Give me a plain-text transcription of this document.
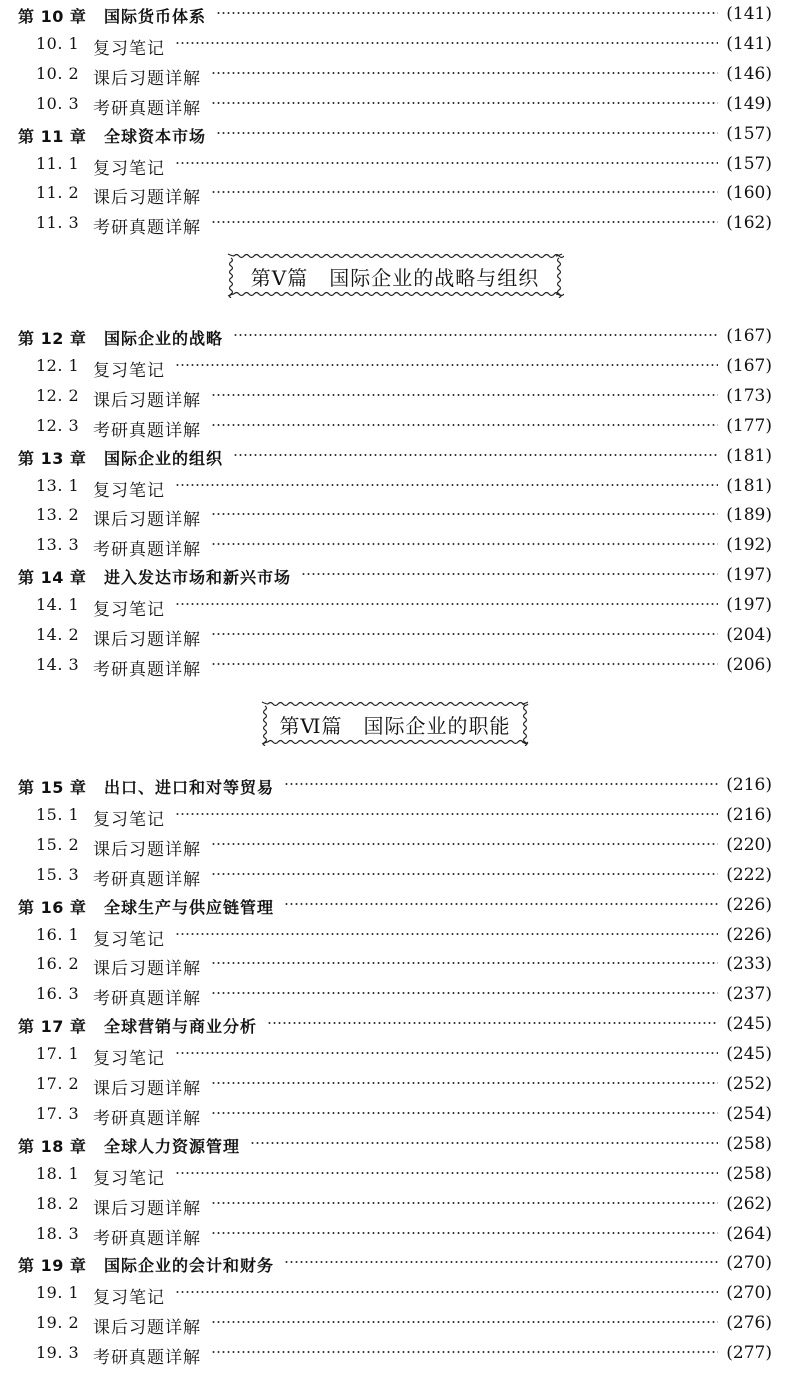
第 10 章 国际货币体系	(141)
10. 1 复习笔记	(141)
10. 2 课后习题详解	(146)
10. 3 考研真题详解	(149)
第 11 章 全球资本市场	(157)
11. 1 复习笔记	(157)
11. 2 课后习题详解	(160)
11. 3 考研真题详解	(162)
第Ⅴ篇　国际企业的战略与组织
第 12 章 国际企业的战略	(167)
12. 1 复习笔记	(167)
12. 2 课后习题详解	(173)
12. 3 考研真题详解	(177)
第 13 章 国际企业的组织	(181)
13. 1 复习笔记	(181)
13. 2 课后习题详解	(189)
13. 3 考研真题详解	(192)
第 14 章 进入发达市场和新兴市场	(197)
14. 1 复习笔记	(197)
14. 2 课后习题详解	(204)
14. 3 考研真题详解	(206)
第Ⅵ篇　国际企业的职能
第 15 章 出口、进口和对等贸易	(216)
15. 1 复习笔记	(216)
15. 2 课后习题详解	(220)
15. 3 考研真题详解	(222)
第 16 章 全球生产与供应链管理	(226)
16. 1 复习笔记	(226)
16. 2 课后习题详解	(233)
16. 3 考研真题详解	(237)
第 17 章 全球营销与商业分析	(245)
17. 1 复习笔记	(245)
17. 2 课后习题详解	(252)
17. 3 考研真题详解	(254)
第 18 章 全球人力资源管理	(258)
18. 1 复习笔记	(258)
18. 2 课后习题详解	(262)
18. 3 考研真题详解	(264)
第 19 章 国际企业的会计和财务	(270)
19. 1 复习笔记	(270)
19. 2 课后习题详解	(276)
19. 3 考研真题详解	(277)
